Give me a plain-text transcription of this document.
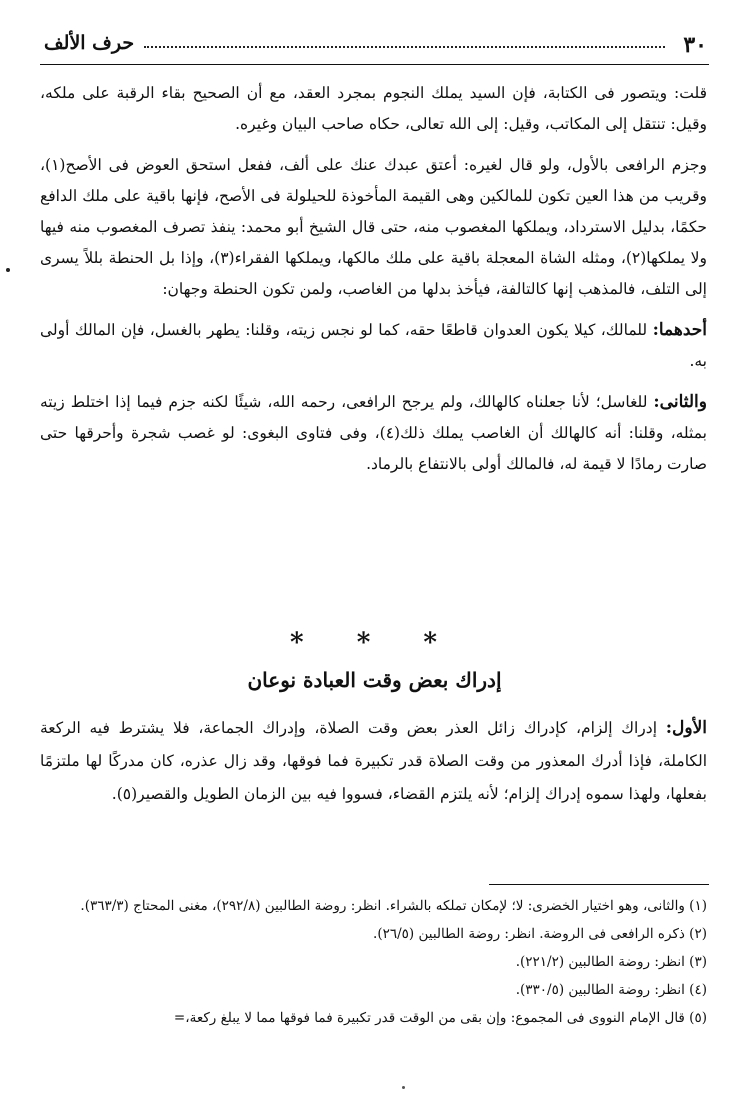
٣٠
حرف الألف

قلت: ويتصور فى الكتابة، فإن السيد يملك النجوم بمجرد العقد، مع أن الصحيح بقاء الرقبة على ملكه، وقيل: تنتقل إلى المكاتب، وقيل: إلى الله تعالى، حكاه صاحب البيان وغيره.

وجزم الرافعى بالأول، ولو قال لغيره: أعتق عبدك عنك على ألف، ففعل استحق العوض فى الأصح(١)، وقريب من هذا العين تكون للمالكين وهى القيمة المأخوذة للحيلولة فى الأصح، فإنها باقية على ملك الدافع حكمًا، بدليل الاسترداد، ويملكها المغصوب منه، حتى قال الشيخ أبو محمد: ينفذ تصرف المغصوب منه فيها ولا يملكها(٢)، ومثله الشاة المعجلة باقية على ملك مالكها، ويملكها الفقراء(٣)، وإذا بل الحنطة بللاً يسرى إلى التلف، فالمذهب إنها كالتالفة، فيأخذ بدلها من الغاصب، ولمن تكون الحنطة وجهان:

أحدهما: للمالك، كيلا يكون العدوان قاطعًا حقه، كما لو نجس زيته، وقلنا: يطهر بالغسل، فإن المالك أولى به.

والثانى: للغاسل؛ لأنا جعلناه كالهالك، ولم يرجح الرافعى، رحمه الله، شيئًا لكنه جزم فيما إذا اختلط زيته بمثله، وقلنا: أنه كالهالك أن الغاصب يملك ذلك(٤)، وفى فتاوى البغوى: لو غصب شجرة وأحرقها حتى صارت رمادًا لا قيمة له، فالمالك أولى بالانتفاع بالرماد.

* * *
إدراك بعض وقت العبادة نوعان
الأول: إدراك إلزام، كإدراك زائل العذر بعض وقت الصلاة، وإدراك الجماعة، فلا يشترط فيه الركعة الكاملة، فإذا أدرك المعذور من وقت الصلاة قدر تكبيرة فما فوقها، وقد زال عذره، كان مدركًا لها ملتزمًا بفعلها، ولهذا سموه إدراك إلزام؛ لأنه يلتزم القضاء، فسووا فيه بين الزمان الطويل والقصير(٥).

(١) والثانى، وهو اختيار الخضرى: لا؛ لإمكان تملكه بالشراء. انظر: روضة الطالبين (٢٩٢/٨)، مغنى المحتاج (٣٦٣/٣).

(٢) ذكره الرافعى فى الروضة. انظر: روضة الطالبين (٢٦/٥).

(٣) انظر: روضة الطالبين (٢٢١/٢).

(٤) انظر: روضة الطالبين (٣٣٠/٥).

(٥) قال الإمام النووى فى المجموع: وإن بقى من الوقت قدر تكبيرة فما فوقها مما لا يبلغ ركعة،=
